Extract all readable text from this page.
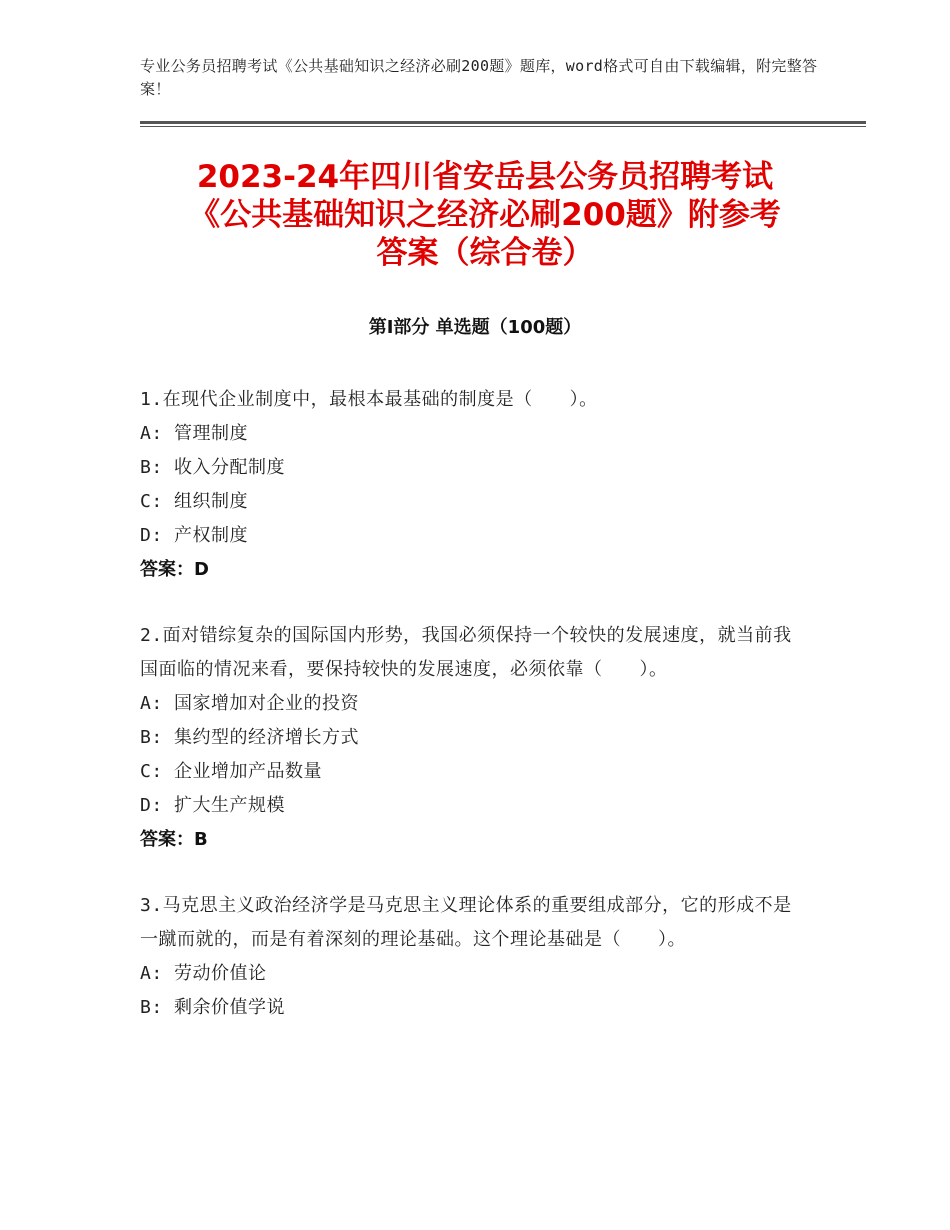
专业公务员招聘考试《公共基础知识之经济必刷200题》题库，word格式可自由下载编辑，附完整答案！
2023-24年四川省安岳县公务员招聘考试
《公共基础知识之经济必刷200题》附参考
答案（综合卷）
第Ⅰ部分 单选题（100题）
1.在现代企业制度中，最根本最基础的制度是（　　）。
A: 管理制度
B: 收入分配制度
C: 组织制度
D: 产权制度
答案：D
2.面对错综复杂的国际国内形势，我国必须保持一个较快的发展速度，就当前我国面临的情况来看，要保持较快的发展速度，必须依靠（　　）。
A: 国家增加对企业的投资
B: 集约型的经济增长方式
C: 企业增加产品数量
D: 扩大生产规模
答案：B
3.马克思主义政治经济学是马克思主义理论体系的重要组成部分，它的形成不是一蹴而就的，而是有着深刻的理论基础。这个理论基础是（　　）。
A: 劳动价值论
B: 剩余价值学说
